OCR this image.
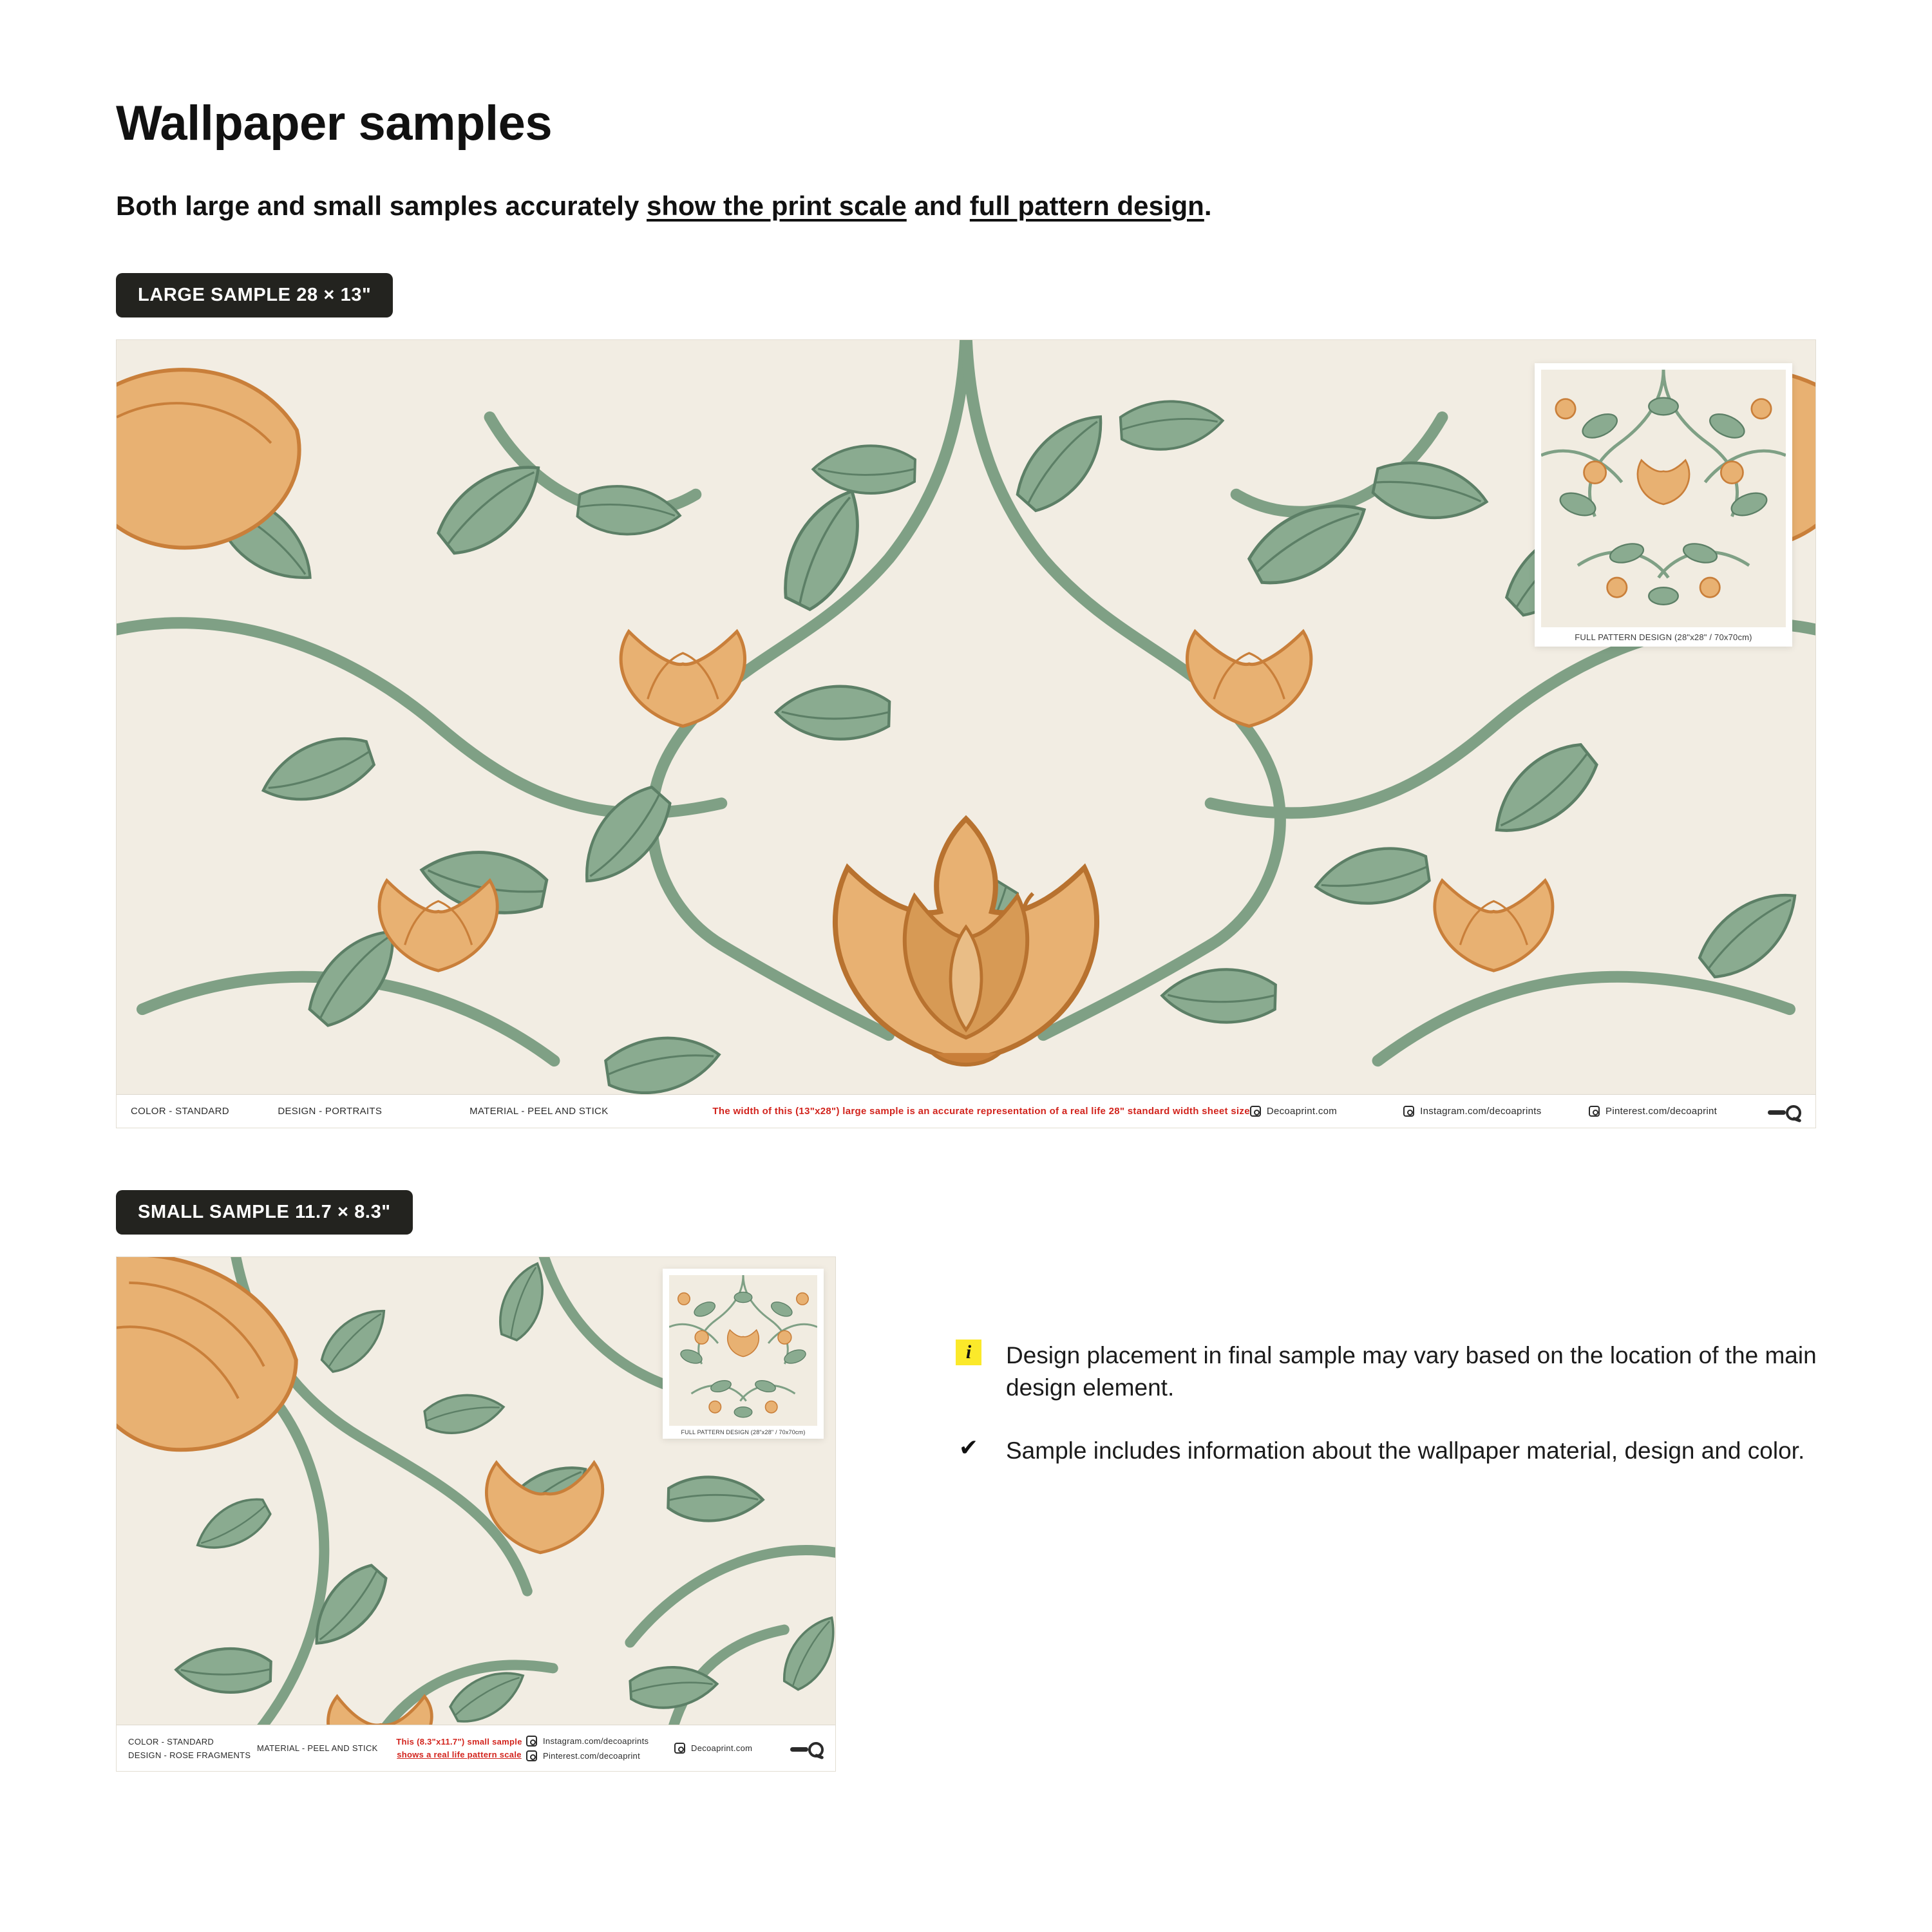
Wallpaper samples
Both large and small samples accurately show the print scale and full pattern design.
LARGE SAMPLE 28 × 13"
FULL PATTERN DESIGN (28"x28" / 70x70cm)
COLOR - STANDARD	DESIGN - PORTRAITS	MATERIAL - PEEL AND STICK	The width of this (13"x28") large sample is an accurate representation of a real life 28" standard width sheet size Decoaprint.com	Instagram.com/decoaprints	Pinterest.com/decoaprint
SMALL SAMPLE 11.7 × 8.3"
FULL PATTERN DESIGN (28"x28" / 70x70cm)
COLOR - STANDARD
DESIGN - ROSE FRAGMENTS
MATERIAL - PEEL AND STICK
This (8.3"x11.7") small sample
shows a real life pattern scale
Instagram.com/decoaprints
Pinterest.com/decoaprint
Decoaprint.com
i	Design placement in final sample may vary based on the location of the main design element.
✔ Sample includes information about the wallpaper material, design and color.
